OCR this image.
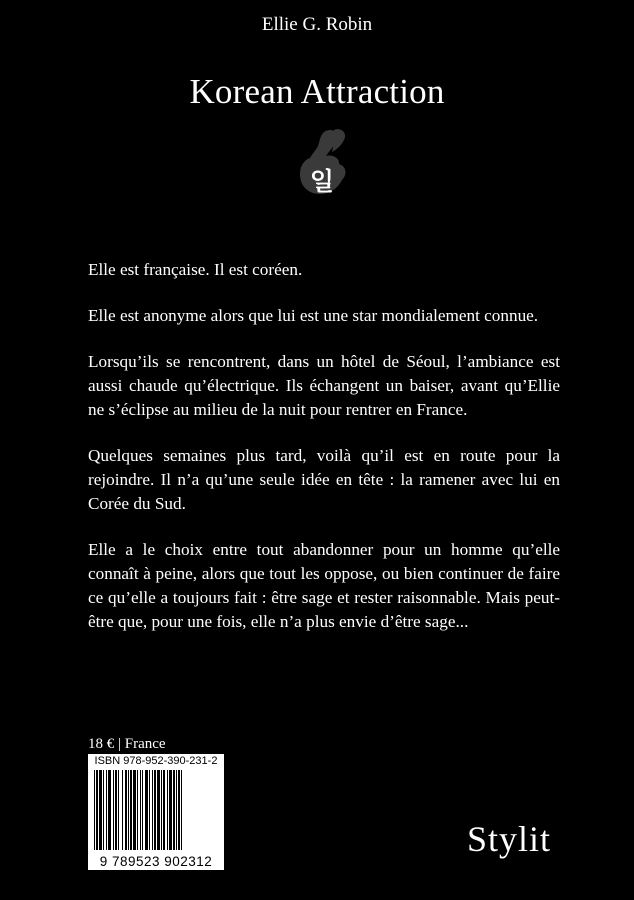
Ellie G. Robin
Korean Attraction
일

Elle est française. Il est coréen.

Elle est anonyme alors que lui est une star mondialement connue.

Lorsqu’ils se rencontrent, dans un hôtel de Séoul, l’ambiance est aussi chaude qu’électrique. Ils échangent un baiser, avant qu’Ellie ne s’éclipse au milieu de la nuit pour rentrer en France.

Quelques semaines plus tard, voilà qu’il est en route pour la rejoindre. Il n’a qu’une seule idée en tête : la ramener avec lui en Corée du Sud.

Elle a le choix entre tout abandonner pour un homme qu’elle connaît à peine, alors que tout les oppose, ou bien continuer de faire ce qu’elle a toujours fait : être sage et rester raisonnable. Mais peut-être que, pour une fois, elle n’a plus envie d’être sage...

18 € | France
ISBN 978-952-390-231-2
9 789523 902312
Stylit
